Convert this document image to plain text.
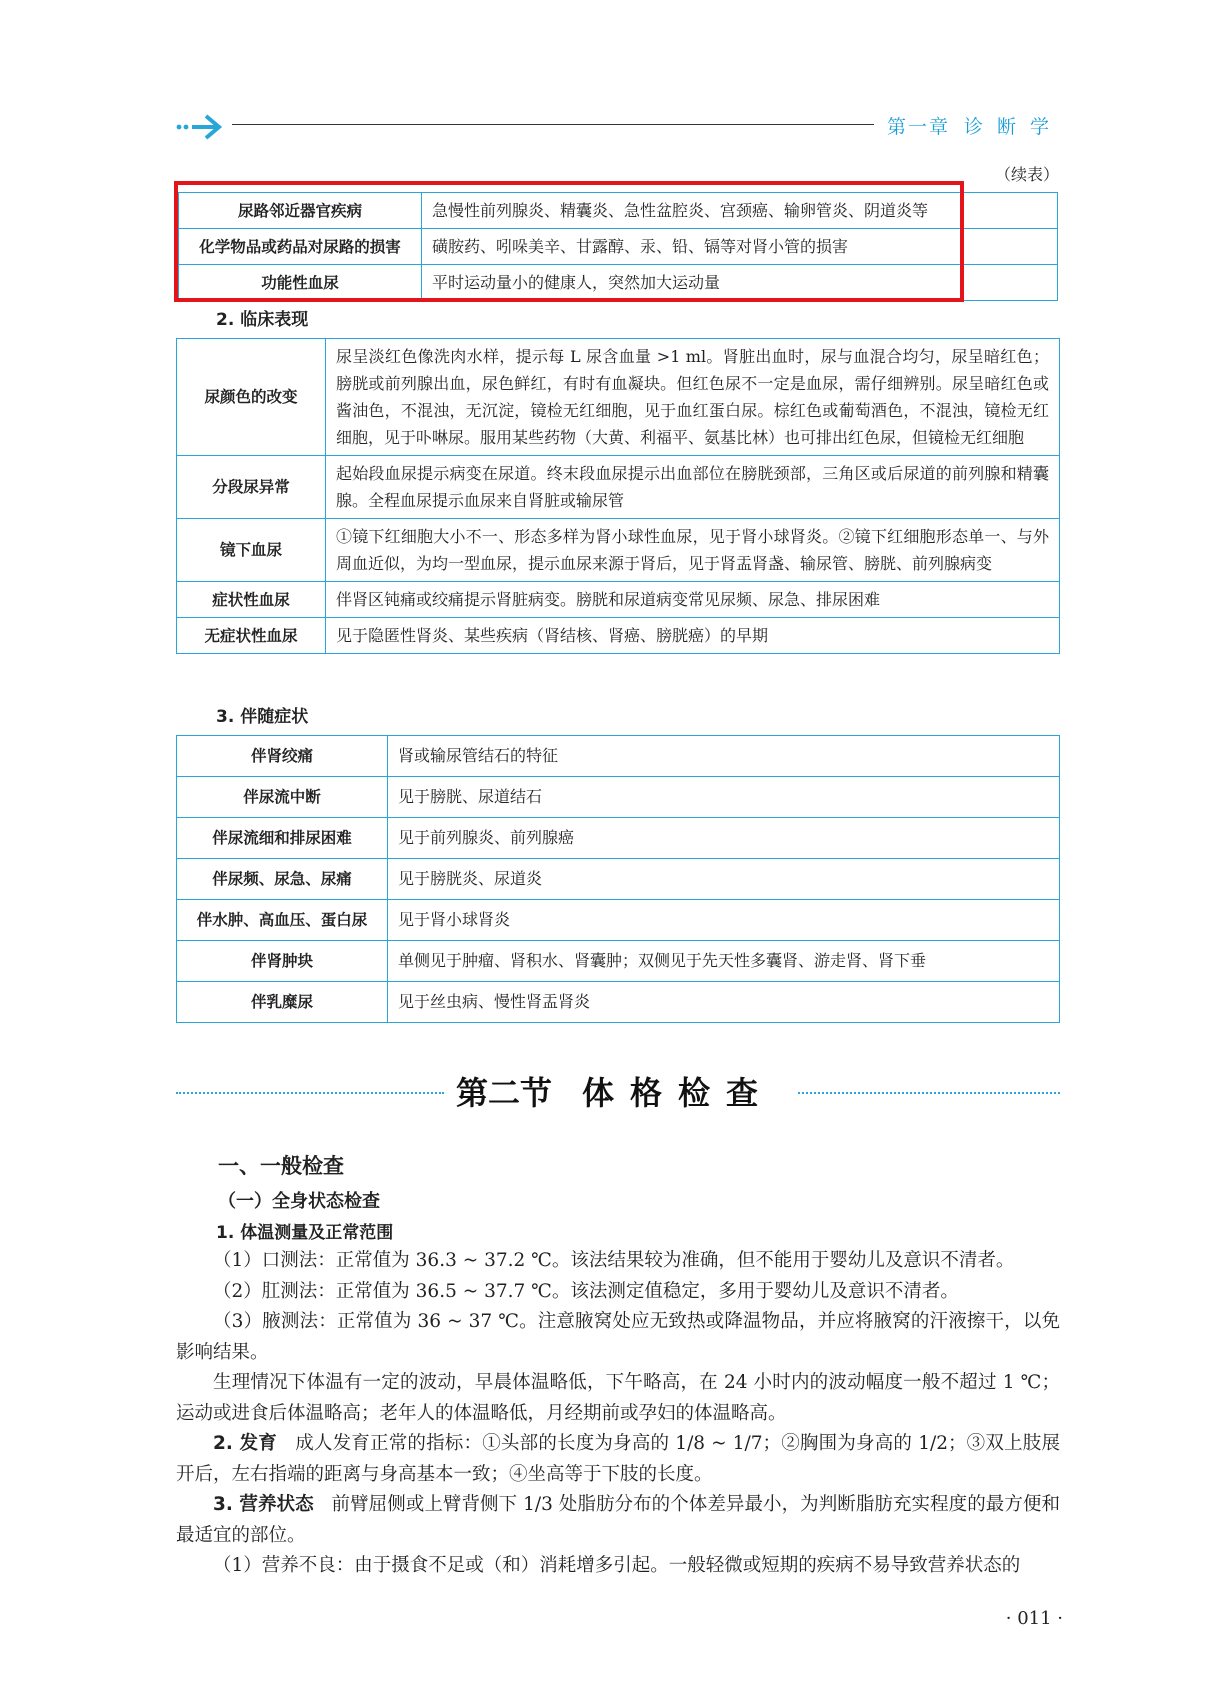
第一章 诊断学
（续表）
尿路邻近器官疾病	急慢性前列腺炎、精囊炎、急性盆腔炎、宫颈癌、输卵管炎、阴道炎等
化学物品或药品对尿路的损害	磺胺药、吲哚美辛、甘露醇、汞、铅、镉等对肾小管的损害
功能性血尿	平时运动量小的健康人，突然加大运动量
2. 临床表现
尿颜色的改变	尿呈淡红色像洗肉水样，提示每 L 尿含血量 >1 ml。肾脏出血时，尿与血混合均匀，尿呈暗红色；膀胱或前列腺出血，尿色鲜红，有时有血凝块。但红色尿不一定是血尿，需仔细辨别。尿呈暗红色或酱油色，不混浊，无沉淀，镜检无红细胞，见于血红蛋白尿。棕红色或葡萄酒色，不混浊，镜检无红细胞，见于卟啉尿。服用某些药物（大黄、利福平、氨基比林）也可排出红色尿，但镜检无红细胞
分段尿异常	起始段血尿提示病变在尿道。终末段血尿提示出血部位在膀胱颈部，三角区或后尿道的前列腺和精囊腺。全程血尿提示血尿来自肾脏或输尿管
镜下血尿	①镜下红细胞大小不一、形态多样为肾小球性血尿，见于肾小球肾炎。②镜下红细胞形态单一、与外周血近似，为均一型血尿，提示血尿来源于肾后，见于肾盂肾盏、输尿管、膀胱、前列腺病变
症状性血尿	伴肾区钝痛或绞痛提示肾脏病变。膀胱和尿道病变常见尿频、尿急、排尿困难
无症状性血尿	见于隐匿性肾炎、某些疾病（肾结核、肾癌、膀胱癌）的早期
3. 伴随症状
伴肾绞痛	肾或输尿管结石的特征
伴尿流中断	见于膀胱、尿道结石
伴尿流细和排尿困难	见于前列腺炎、前列腺癌
伴尿频、尿急、尿痛	见于膀胱炎、尿道炎
伴水肿、高血压、蛋白尿	见于肾小球肾炎
伴肾肿块	单侧见于肿瘤、肾积水、肾囊肿；双侧见于先天性多囊肾、游走肾、肾下垂
伴乳糜尿	见于丝虫病、慢性肾盂肾炎
第二节 体格检查
一、一般检查
（一）全身状态检查
1. 体温测量及正常范围

（1）口测法：正常值为 36.3 ~ 37.2 ℃。该法结果较为准确，但不能用于婴幼儿及意识不清者。

（2）肛测法：正常值为 36.5 ~ 37.7 ℃。该法测定值稳定，多用于婴幼儿及意识不清者。

（3）腋测法：正常值为 36 ~ 37 ℃。注意腋窝处应无致热或降温物品，并应将腋窝的汗液擦干，以免影响结果。

生理情况下体温有一定的波动，早晨体温略低，下午略高，在 24 小时内的波动幅度一般不超过 1 ℃；运动或进食后体温略高；老年人的体温略低，月经期前或孕妇的体温略高。

2. 发育 成人发育正常的指标：①头部的长度为身高的 1/8 ~ 1/7；②胸围为身高的 1/2；③双上肢展开后，左右指端的距离与身高基本一致；④坐高等于下肢的长度。

3. 营养状态 前臂屈侧或上臂背侧下 1/3 处脂肪分布的个体差异最小，为判断脂肪充实程度的最方便和最适宜的部位。

（1）营养不良：由于摄食不足或（和）消耗增多引起。一般轻微或短期的疾病不易导致营养状态的

· 011 ·
